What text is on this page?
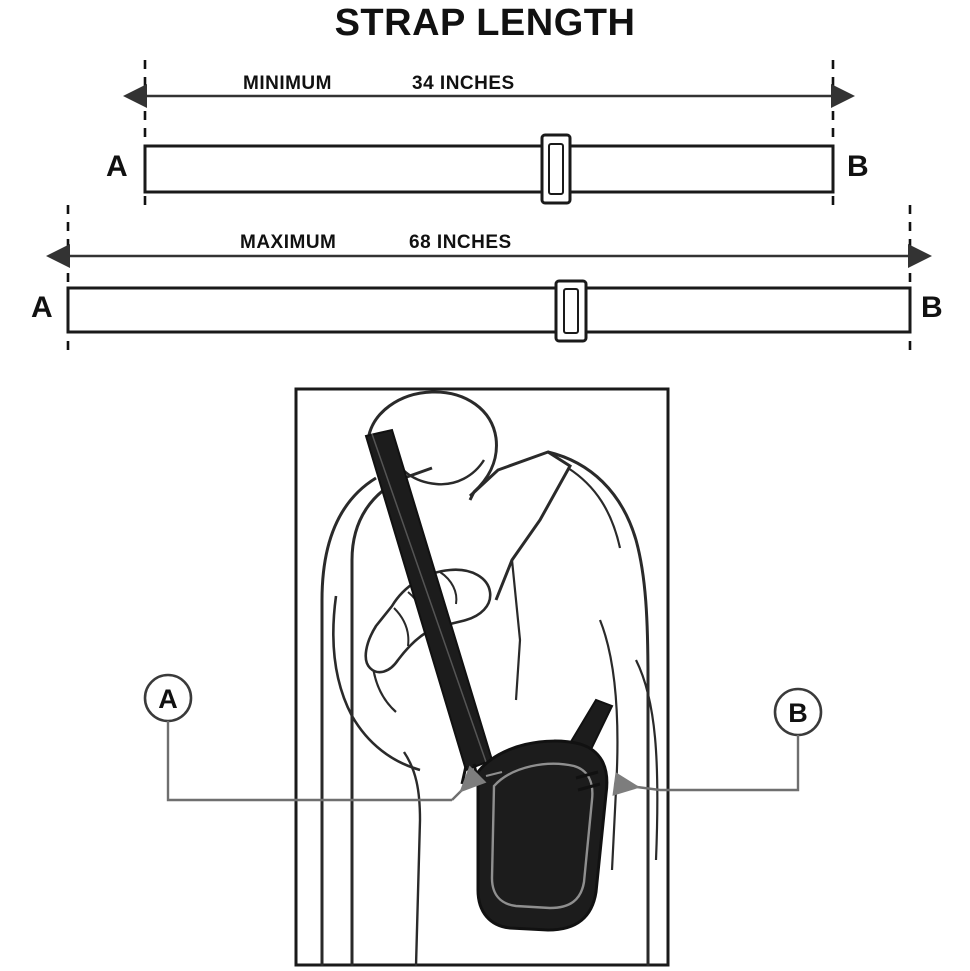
STRAP LENGTH
MINIMUM	34 INCHES
A	B
MAXIMUM	68 INCHES
A	B
A	B
